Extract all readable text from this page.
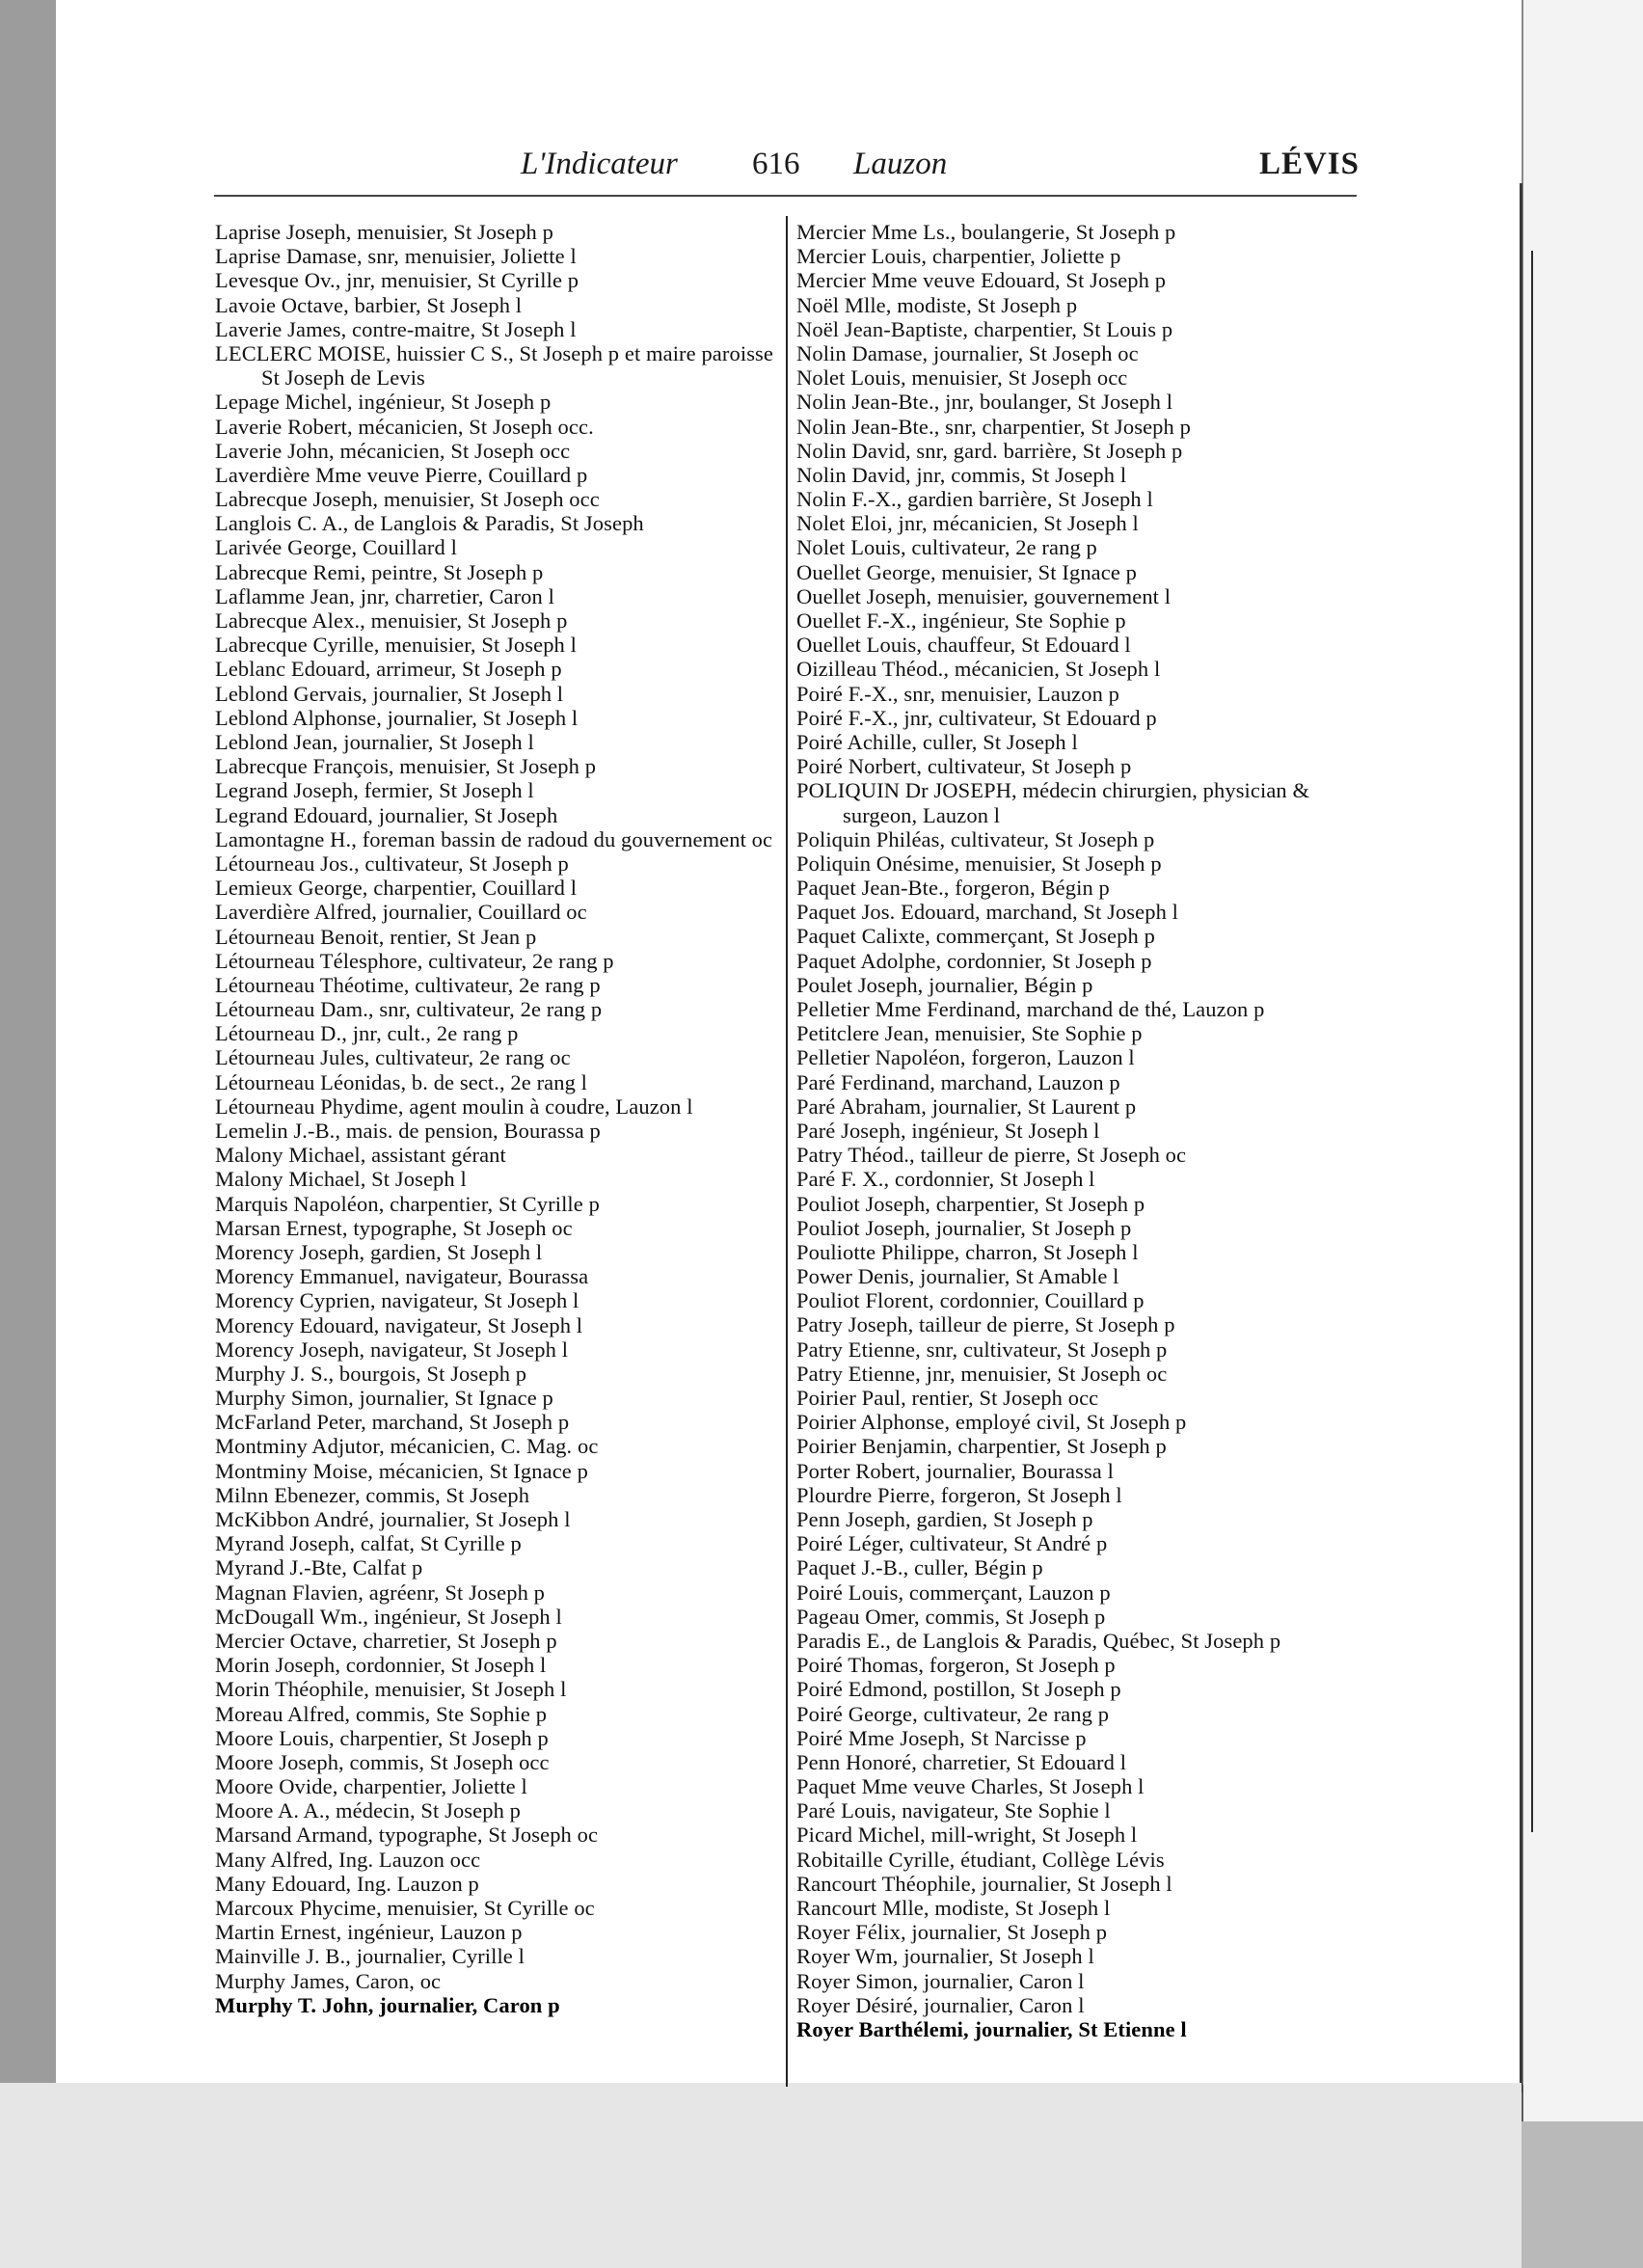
L'Indicateur 616 Lauzon	LÉVIS
Laprise Joseph, menuisier, St Joseph p
Laprise Damase, snr, menuisier, Joliette l
Levesque Ov., jnr, menuisier, St Cyrille p
Lavoie Octave, barbier, St Joseph l
Laverie James, contre-maitre, St Joseph l
LECLERC MOISE, huissier C S., St Joseph p et maire paroisse St Joseph de Levis
Lepage Michel, ingénieur, St Joseph p
Laverie Robert, mécanicien, St Joseph occ.
Laverie John, mécanicien, St Joseph occ
Laverdière Mme veuve Pierre, Couillard p
Labrecque Joseph, menuisier, St Joseph occ
Langlois C. A., de Langlois & Paradis, St Joseph
Larivée George, Couillard l
Labrecque Remi, peintre, St Joseph p
Laflamme Jean, jnr, charretier, Caron l
Labrecque Alex., menuisier, St Joseph p
Labrecque Cyrille, menuisier, St Joseph l
Leblanc Edouard, arrimeur, St Joseph p
Leblond Gervais, journalier, St Joseph l
Leblond Alphonse, journalier, St Joseph l
Leblond Jean, journalier, St Joseph l
Labrecque François, menuisier, St Joseph p
Legrand Joseph, fermier, St Joseph l
Legrand Edouard, journalier, St Joseph
Lamontagne H., foreman bassin de radoud du gouvernement oc
Létourneau Jos., cultivateur, St Joseph p
Lemieux George, charpentier, Couillard l
Laverdière Alfred, journalier, Couillard oc
Létourneau Benoit, rentier, St Jean p
Létourneau Télesphore, cultivateur, 2e rang p
Létourneau Théotime, cultivateur, 2e rang p
Létourneau Dam., snr, cultivateur, 2e rang p
Létourneau D., jnr, cult., 2e rang p
Létourneau Jules, cultivateur, 2e rang oc
Létourneau Léonidas, b. de sect., 2e rang l
Létourneau Phydime, agent moulin à coudre, Lauzon l
Lemelin J.-B., mais. de pension, Bourassa p
Malony Michael, assistant gérant
Malony Michael, St Joseph l
Marquis Napoléon, charpentier, St Cyrille p
Marsan Ernest, typographe, St Joseph oc
Morency Joseph, gardien, St Joseph l
Morency Emmanuel, navigateur, Bourassa
Morency Cyprien, navigateur, St Joseph l
Morency Edouard, navigateur, St Joseph l
Morency Joseph, navigateur, St Joseph l
Murphy J. S., bourgois, St Joseph p
Murphy Simon, journalier, St Ignace p
McFarland Peter, marchand, St Joseph p
Montminy Adjutor, mécanicien, C. Mag. oc
Montminy Moise, mécanicien, St Ignace p
Milnn Ebenezer, commis, St Joseph
McKibbon André, journalier, St Joseph l
Myrand Joseph, calfat, St Cyrille p
Myrand J.-Bte, Calfat p
Magnan Flavien, agréenr, St Joseph p
McDougall Wm., ingénieur, St Joseph l
Mercier Octave, charretier, St Joseph p
Morin Joseph, cordonnier, St Joseph l
Morin Théophile, menuisier, St Joseph l
Moreau Alfred, commis, Ste Sophie p
Moore Louis, charpentier, St Joseph p
Moore Joseph, commis, St Joseph occ
Moore Ovide, charpentier, Joliette l
Moore A. A., médecin, St Joseph p
Marsand Armand, typographe, St Joseph oc
Many Alfred, Ing. Lauzon occ
Many Edouard, Ing. Lauzon p
Marcoux Phycime, menuisier, St Cyrille oc
Martin Ernest, ingénieur, Lauzon p
Mainville J. B., journalier, Cyrille l
Murphy James, Caron, oc
Murphy T. John, journalier, Caron p
Mercier Mme Ls., boulangerie, St Joseph p
Mercier Louis, charpentier, Joliette p
Mercier Mme veuve Edouard, St Joseph p
Noël Mlle, modiste, St Joseph p
Noël Jean-Baptiste, charpentier, St Louis p
Nolin Damase, journalier, St Joseph oc
Nolet Louis, menuisier, St Joseph occ
Nolin Jean-Bte., jnr, boulanger, St Joseph l
Nolin Jean-Bte., snr, charpentier, St Joseph p
Nolin David, snr, gard. barrière, St Joseph p
Nolin David, jnr, commis, St Joseph l
Nolin F.-X., gardien barrière, St Joseph l
Nolet Eloi, jnr, mécanicien, St Joseph l
Nolet Louis, cultivateur, 2e rang p
Ouellet George, menuisier, St Ignace p
Ouellet Joseph, menuisier, gouvernement l
Ouellet F.-X., ingénieur, Ste Sophie p
Ouellet Louis, chauffeur, St Edouard l
Oizilleau Théod., mécanicien, St Joseph l
Poiré F.-X., snr, menuisier, Lauzon p
Poiré F.-X., jnr, cultivateur, St Edouard p
Poiré Achille, culler, St Joseph l
Poiré Norbert, cultivateur, St Joseph p
POLIQUIN Dr JOSEPH, médecin chirurgien, physician & surgeon, Lauzon l
Poliquin Philéas, cultivateur, St Joseph p
Poliquin Onésime, menuisier, St Joseph p
Paquet Jean-Bte., forgeron, Bégin p
Paquet Jos. Edouard, marchand, St Joseph l
Paquet Calixte, commerçant, St Joseph p
Paquet Adolphe, cordonnier, St Joseph p
Poulet Joseph, journalier, Bégin p
Pelletier Mme Ferdinand, marchand de thé, Lauzon p
Petitclere Jean, menuisier, Ste Sophie p
Pelletier Napoléon, forgeron, Lauzon l
Paré Ferdinand, marchand, Lauzon p
Paré Abraham, journalier, St Laurent p
Paré Joseph, ingénieur, St Joseph l
Patry Théod., tailleur de pierre, St Joseph oc
Paré F. X., cordonnier, St Joseph l
Pouliot Joseph, charpentier, St Joseph p
Pouliot Joseph, journalier, St Joseph p
Pouliotte Philippe, charron, St Joseph l
Power Denis, journalier, St Amable l
Pouliot Florent, cordonnier, Couillard p
Patry Joseph, tailleur de pierre, St Joseph p
Patry Etienne, snr, cultivateur, St Joseph p
Patry Etienne, jnr, menuisier, St Joseph oc
Poirier Paul, rentier, St Joseph occ
Poirier Alphonse, employé civil, St Joseph p
Poirier Benjamin, charpentier, St Joseph p
Porter Robert, journalier, Bourassa l
Plourdre Pierre, forgeron, St Joseph l
Penn Joseph, gardien, St Joseph p
Poiré Léger, cultivateur, St André p
Paquet J.-B., culler, Bégin p
Poiré Louis, commerçant, Lauzon p
Pageau Omer, commis, St Joseph p
Paradis E., de Langlois & Paradis, Québec, St Joseph p
Poiré Thomas, forgeron, St Joseph p
Poiré Edmond, postillon, St Joseph p
Poiré George, cultivateur, 2e rang p
Poiré Mme Joseph, St Narcisse p
Penn Honoré, charretier, St Edouard l
Paquet Mme veuve Charles, St Joseph l
Paré Louis, navigateur, Ste Sophie l
Picard Michel, mill-wright, St Joseph l
Robitaille Cyrille, étudiant, Collège Lévis
Rancourt Théophile, journalier, St Joseph l
Rancourt Mlle, modiste, St Joseph l
Royer Félix, journalier, St Joseph p
Royer Wm, journalier, St Joseph l
Royer Simon, journalier, Caron l
Royer Désiré, journalier, Caron l
Royer Barthélemi, journalier, St Etienne l
